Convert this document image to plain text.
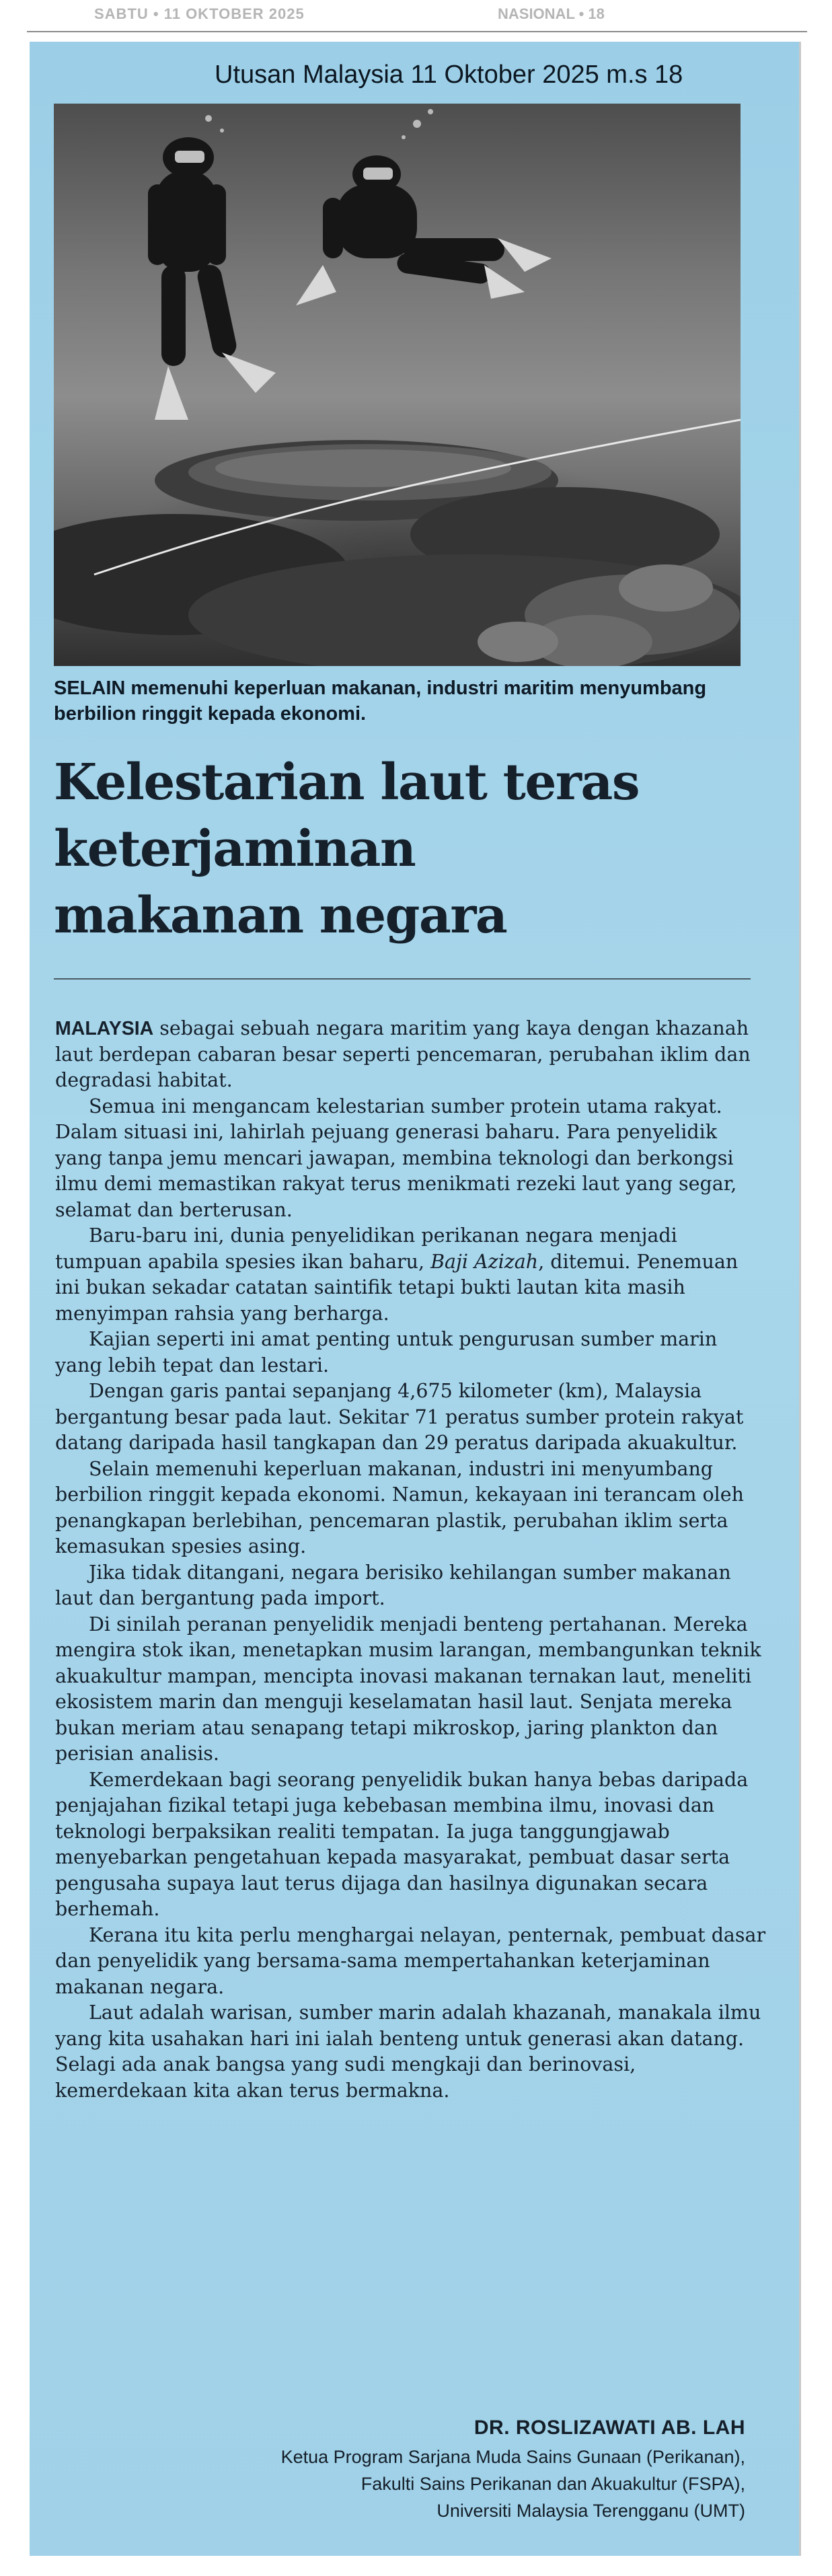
SABTU • 11 OKTOBER 2025	NASIONAL • 18
Utusan Malaysia 11 Oktober 2025 m.s 18
SELAIN memenuhi keperluan makanan, industri maritim menyumbang berbilion ringgit kepada ekonomi.
Kelestarian laut teras
keterjaminan
makanan negara

MALAYSIA sebagai sebuah negara maritim yang kaya dengan khazanah laut berdepan cabaran besar seperti pencemaran, perubahan iklim dan degradasi habitat.

Semua ini mengancam kelestarian sumber protein utama rakyat. Dalam situasi ini, lahirlah pejuang generasi baharu. Para penyelidik yang tanpa jemu mencari jawapan, membina teknologi dan berkongsi ilmu demi memastikan rakyat terus menikmati rezeki laut yang segar, selamat dan berterusan.

Baru-baru ini, dunia penyelidikan perikanan negara menjadi tumpuan apabila spesies ikan baharu, Baji Azizah, ditemui. Penemuan ini bukan sekadar catatan saintifik tetapi bukti lautan kita masih menyimpan rahsia yang berharga.

Kajian seperti ini amat penting untuk pengurusan sumber marin yang lebih tepat dan lestari.

Dengan garis pantai sepanjang 4,675 kilometer (km), Malaysia bergantung besar pada laut. Sekitar 71 peratus sumber protein rakyat datang daripada hasil tangkapan dan 29 peratus daripada akuakultur.

Selain memenuhi keperluan makanan, industri ini menyumbang berbilion ringgit kepada ekonomi. Namun, kekayaan ini terancam oleh penangkapan berlebihan, pencemaran plastik, perubahan iklim serta kemasukan spesies asing.

Jika tidak ditangani, negara berisiko kehilangan sumber makanan laut dan bergantung pada import.

Di sinilah peranan penyelidik menjadi benteng pertahanan. Mereka mengira stok ikan, menetapkan musim larangan, membangunkan teknik akuakultur mampan, mencipta inovasi makanan ternakan laut, meneliti ekosistem marin dan menguji keselamatan hasil laut. Senjata mereka bukan meriam atau senapang tetapi mikroskop, jaring plankton dan perisian analisis.

Kemerdekaan bagi seorang penyelidik bukan hanya bebas daripada penjajahan fizikal tetapi juga kebebasan membina ilmu, inovasi dan teknologi berpaksikan realiti tempatan. Ia juga tanggungjawab menyebarkan pengetahuan kepada masyarakat, pembuat dasar serta pengusaha supaya laut terus dijaga dan hasilnya digunakan secara berhemah.

Kerana itu kita perlu menghargai nelayan, penternak, pembuat dasar dan penyelidik yang bersama-sama mempertahankan keterjaminan makanan negara.

Laut adalah warisan, sumber marin adalah khazanah, manakala ilmu yang kita usahakan hari ini ialah benteng untuk generasi akan datang. Selagi ada anak bangsa yang sudi mengkaji dan berinovasi, kemerdekaan kita akan terus bermakna.

DR. ROSLIZAWATI AB. LAH
Ketua Program Sarjana Muda Sains Gunaan (Perikanan),
Fakulti Sains Perikanan dan Akuakultur (FSPA),
Universiti Malaysia Terengganu (UMT)
